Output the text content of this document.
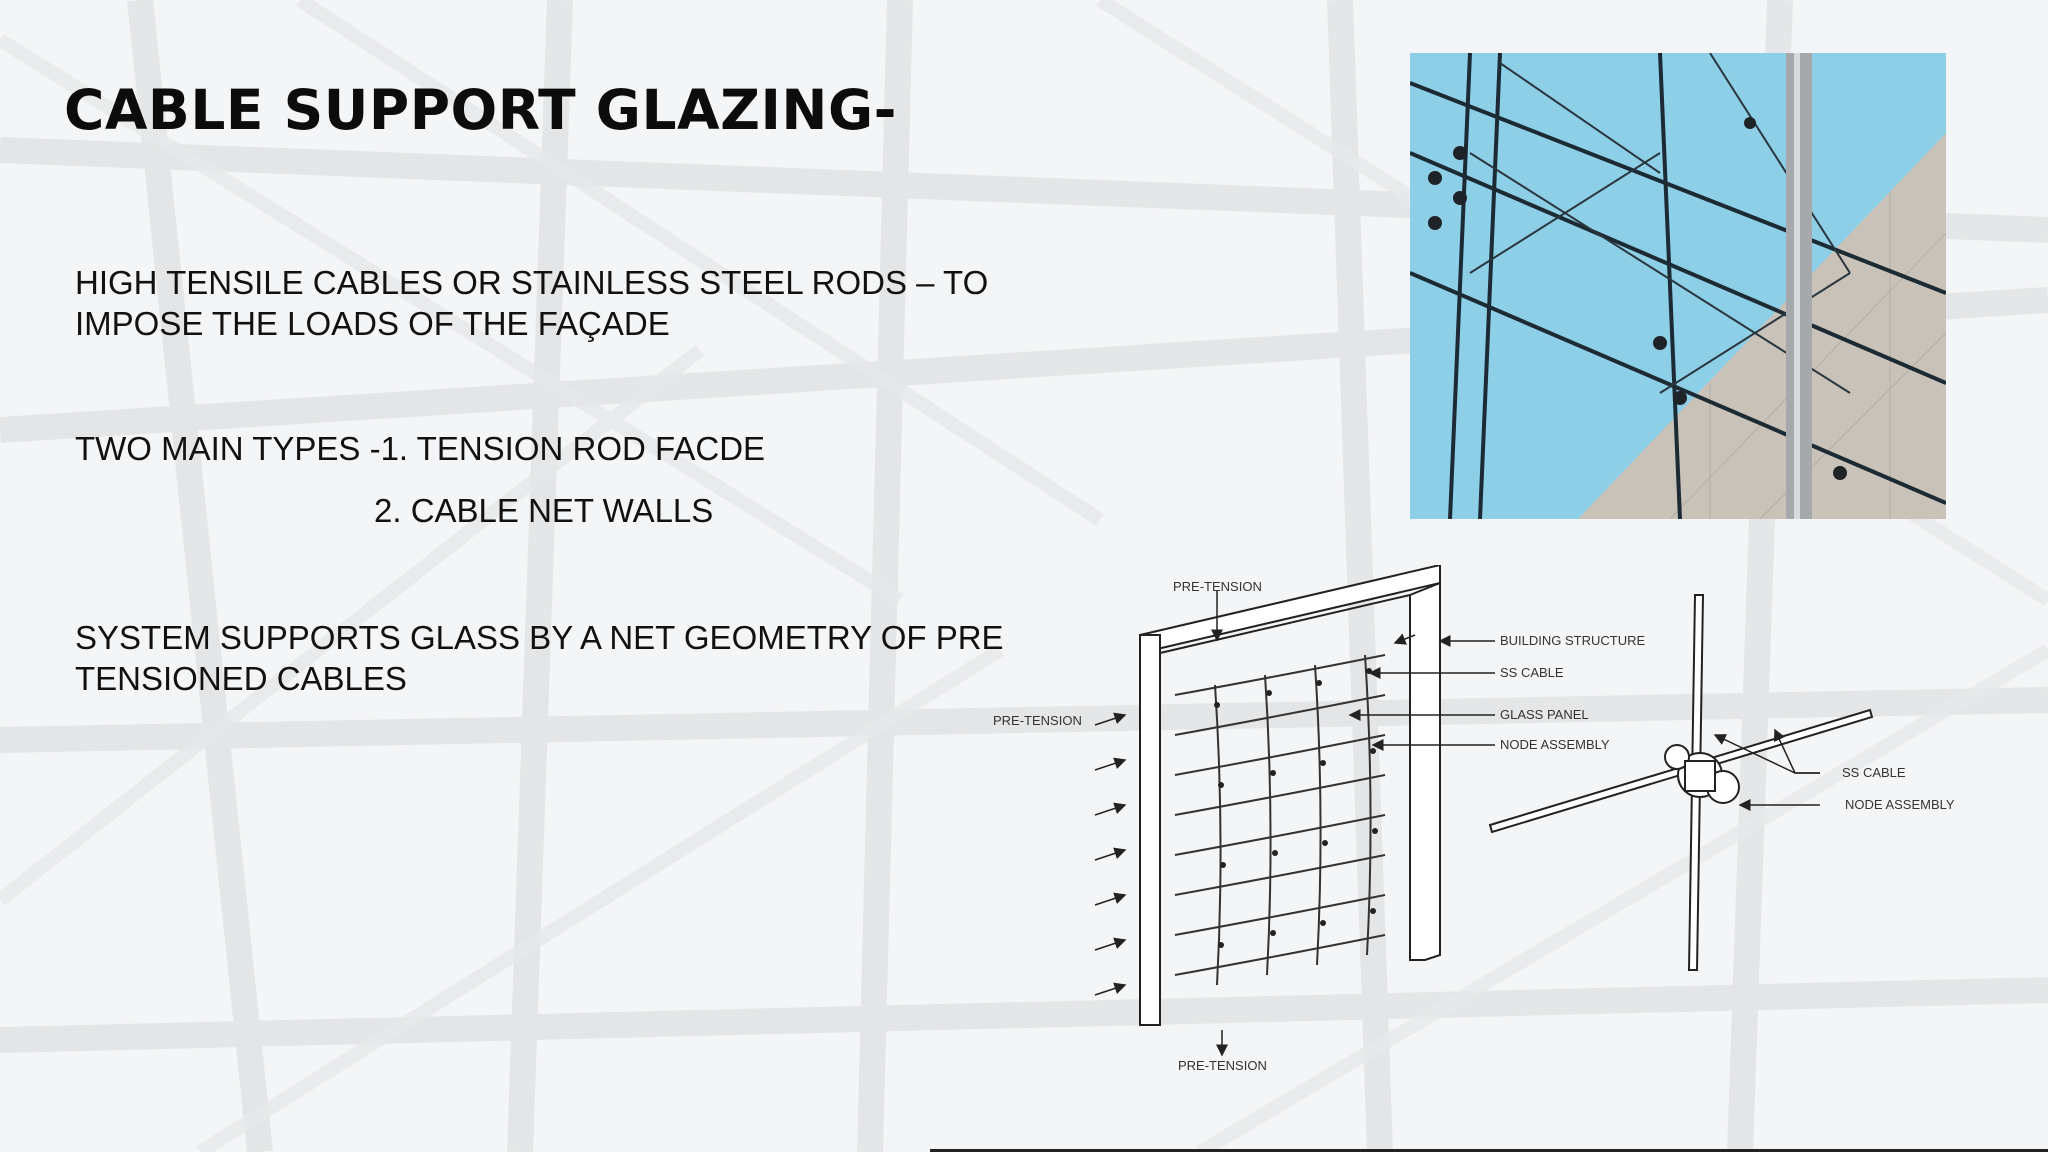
CABLE SUPPORT GLAZING-
HIGH TENSILE CABLES OR STAINLESS STEEL RODS – TO
IMPOSE THE LOADS OF THE FAÇADE
TWO MAIN TYPES -1. TENSION ROD FACDE
2. CABLE NET WALLS
SYSTEM SUPPORTS GLASS BY A NET GEOMETRY OF PRE
TENSIONED CABLES
PRE-TENSION
PRE-TENSION
PRE-TENSION
BUILDING STRUCTURE
SS CABLE
GLASS PANEL
NODE ASSEMBLY
SS CABLE
NODE ASSEMBLY
